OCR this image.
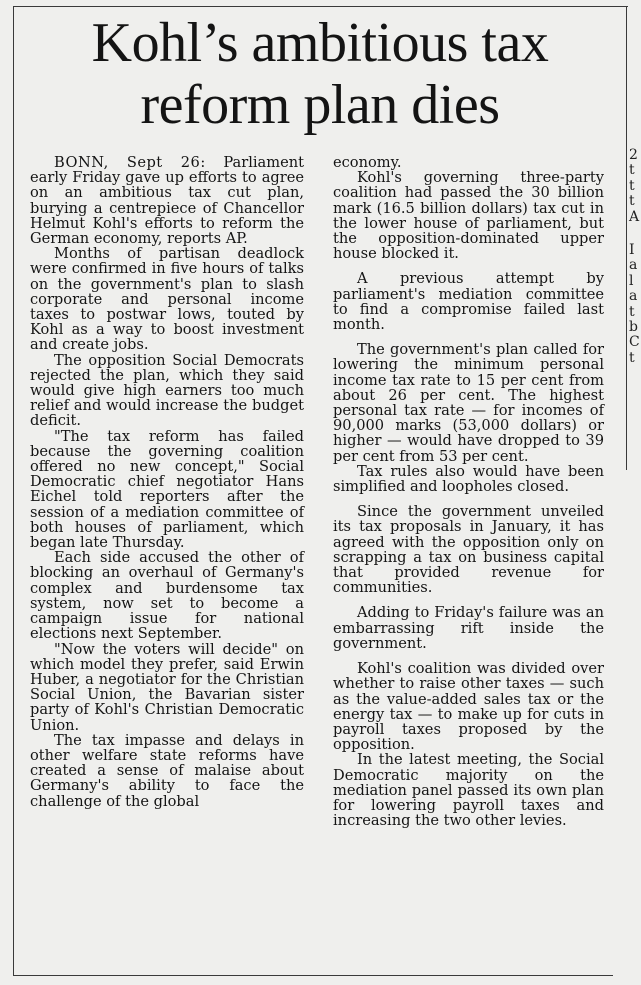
Kohl’s ambitious tax
reform plan dies

BONN, Sept 26: Parliament early Friday gave up efforts to agree on an ambitious tax cut plan, burying a centrepiece of Chancellor Helmut Kohl's efforts to reform the German economy, reports AP.

Months of partisan deadlock were confirmed in five hours of talks on the government's plan to slash corporate and personal income taxes to postwar lows, touted by Kohl as a way to boost investment and create jobs.

The opposition Social Democrats rejected the plan, which they said would give high earners too much relief and would increase the budget deficit.

"The tax reform has failed because the governing coalition offered no new concept," Social Democratic chief negotiator Hans Eichel told reporters after the session of a mediation committee of both houses of parliament, which began late Thursday.

Each side accused the other of blocking an overhaul of Germany's complex and burdensome tax system, now set to become a campaign issue for national elections next September.

"Now the voters will decide" on which model they prefer, said Erwin Huber, a negotiator for the Christian Social Union, the Bavarian sister party of Kohl's Christian Democratic Union.

The tax impasse and delays in other welfare state reforms have created a sense of malaise about Germany's ability to face the challenge of the global

economy.

Kohl's governing three-party coalition had passed the 30 billion mark (16.5 billion dollars) tax cut in the lower house of parliament, but the opposition-dominated upper house blocked it.

A previous attempt by parliament's mediation committee to find a compromise failed last month.

The government's plan called for lowering the minimum personal income tax rate to 15 per cent from about 26 per cent. The highest personal tax rate — for incomes of 90,000 marks (53,000 dollars) or higher — would have dropped to 39 per cent from 53 per cent.

Tax rules also would have been simplified and loopholes closed.

Since the government unveiled its tax proposals in January, it has agreed with the opposition only on scrapping a tax on business capital that provided revenue for communities.

Adding to Friday's failure was an embarrassing rift inside the government.

Kohl's coalition was divided over whether to raise other taxes — such as the value-added sales tax or the energy tax — to make up for cuts in payroll taxes proposed by the opposition.

In the latest meeting, the Social Democratic majority on the mediation panel passed its own plan for lowering payroll taxes and increasing the two other levies.

2
t
t
t
A
I
a
l
a
t
b
C
t
